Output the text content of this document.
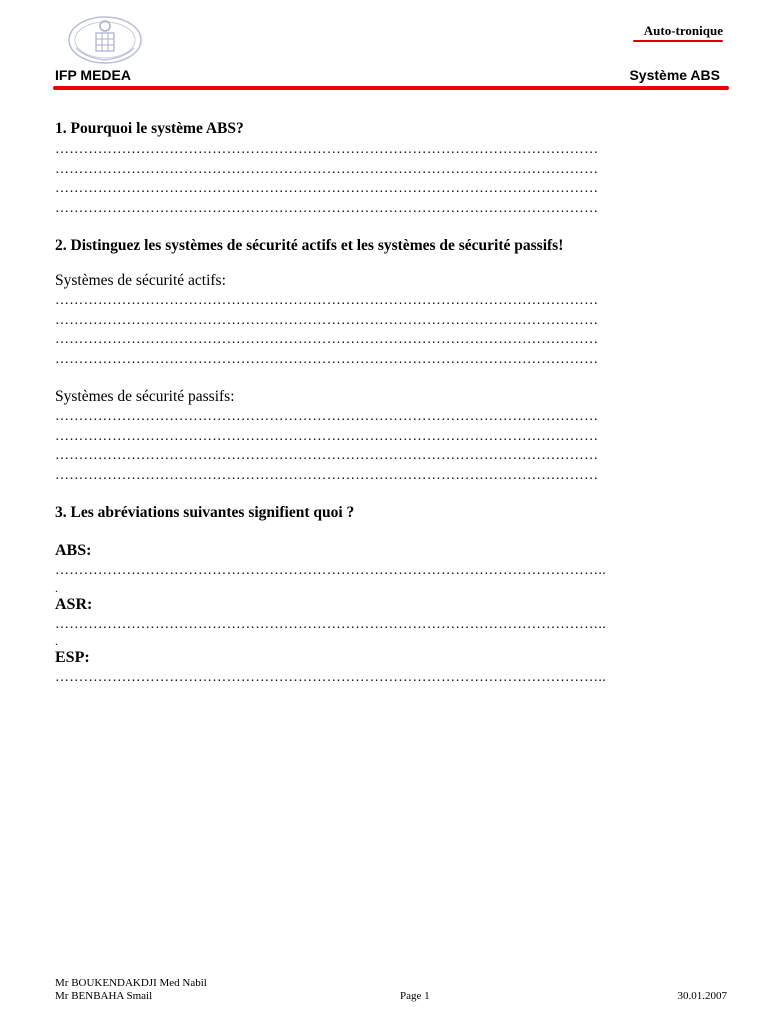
Auto-tronique
IFP MEDEA	Système ABS

1. Pourquoi le système ABS?

……………………………………………………………………………………………………
……………………………………………………………………………………………………
……………………………………………………………………………………………………
……………………………………………………………………………………………………

2. Distinguez les systèmes de sécurité actifs et les systèmes de sécurité passifs!

Systèmes de sécurité actifs:
……………………………………………………………………………………………………
……………………………………………………………………………………………………
……………………………………………………………………………………………………
……………………………………………………………………………………………………
Systèmes de sécurité passifs:
……………………………………………………………………………………………………
……………………………………………………………………………………………………
……………………………………………………………………………………………………
……………………………………………………………………………………………………

3. Les abréviations suivantes signifient quoi ?

ABS:
……………………………………………………………………………………………………..
.
ASR:
……………………………………………………………………………………………………..
.
ESP:
……………………………………………………………………………………………………..
Mr BOUKENDAKDJI Med Nabil
Mr BENBAHA Smail	Page 1	30.01.2007
